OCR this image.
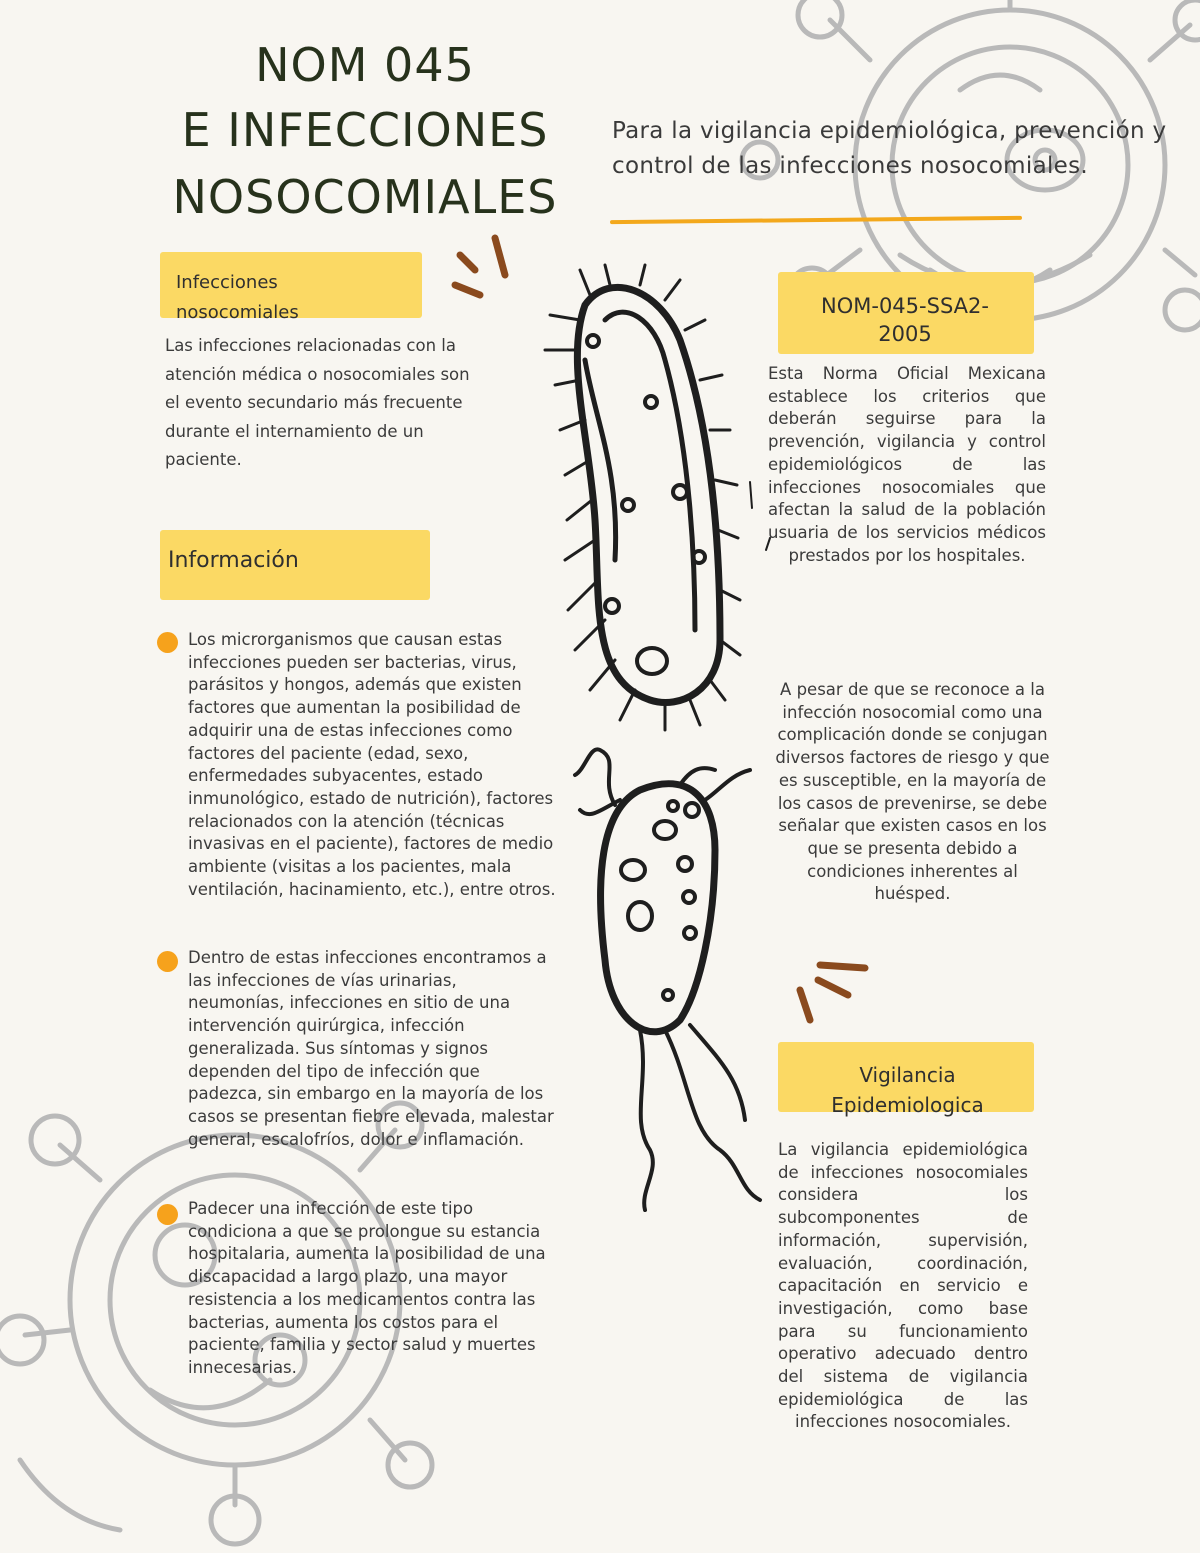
NOM 045
E INFECCIONES
NOSOCOMIALES
Para la vigilancia epidemiológica, prevención y control de las infecciones nosocomiales.
Infecciones nosocomiales
Las infecciones relacionadas con la atención médica o nosocomiales son el evento secundario más frecuente durante el internamiento de un paciente.
Información
Los microrganismos que causan estas infecciones pueden ser bacterias, virus, parásitos y hongos, además que existen factores que aumentan la posibilidad de adquirir una de estas infecciones como factores del paciente (edad, sexo, enfermedades subyacentes, estado inmunológico, estado de nutrición), factores relacionados con la atención (técnicas invasivas en el paciente), factores de medio ambiente (visitas a los pacientes, mala ventilación, hacinamiento, etc.), entre otros.
Dentro de estas infecciones encontramos a las infecciones de vías urinarias, neumonías, infecciones en sitio de una intervención quirúrgica, infección generalizada. Sus síntomas y signos dependen del tipo de infección que padezca, sin embargo en la mayoría de los casos se presentan fiebre elevada, malestar general, escalofríos, dolor e inflamación.
Padecer una infección de este tipo condiciona a que se prolongue su estancia hospitalaria, aumenta la posibilidad de una discapacidad a largo plazo, una mayor resistencia a los medicamentos contra las bacterias, aumenta los costos para el paciente, familia y sector salud y muertes innecesarias.
NOM-045-SSA2-2005
Esta Norma Oficial Mexicana establece los criterios que deberán seguirse para la prevención, vigilancia y control epidemiológicos de las infecciones nosocomiales que afectan la salud de la población usuaria de los servicios médicos prestados por los hospitales.
A pesar de que se reconoce a la infección nosocomial como una complicación donde se conjugan diversos factores de riesgo y que es susceptible, en la mayoría de los casos de prevenirse, se debe señalar que existen casos en los que se presenta debido a condiciones inherentes al huésped.
Vigilancia Epidemiologica
La vigilancia epidemiológica de infecciones nosocomiales considera los subcomponentes de información, supervisión, evaluación, coordinación, capacitación en servicio e investigación, como base para su funcionamiento operativo adecuado dentro del sistema de vigilancia epidemiológica de las infecciones nosocomiales.
